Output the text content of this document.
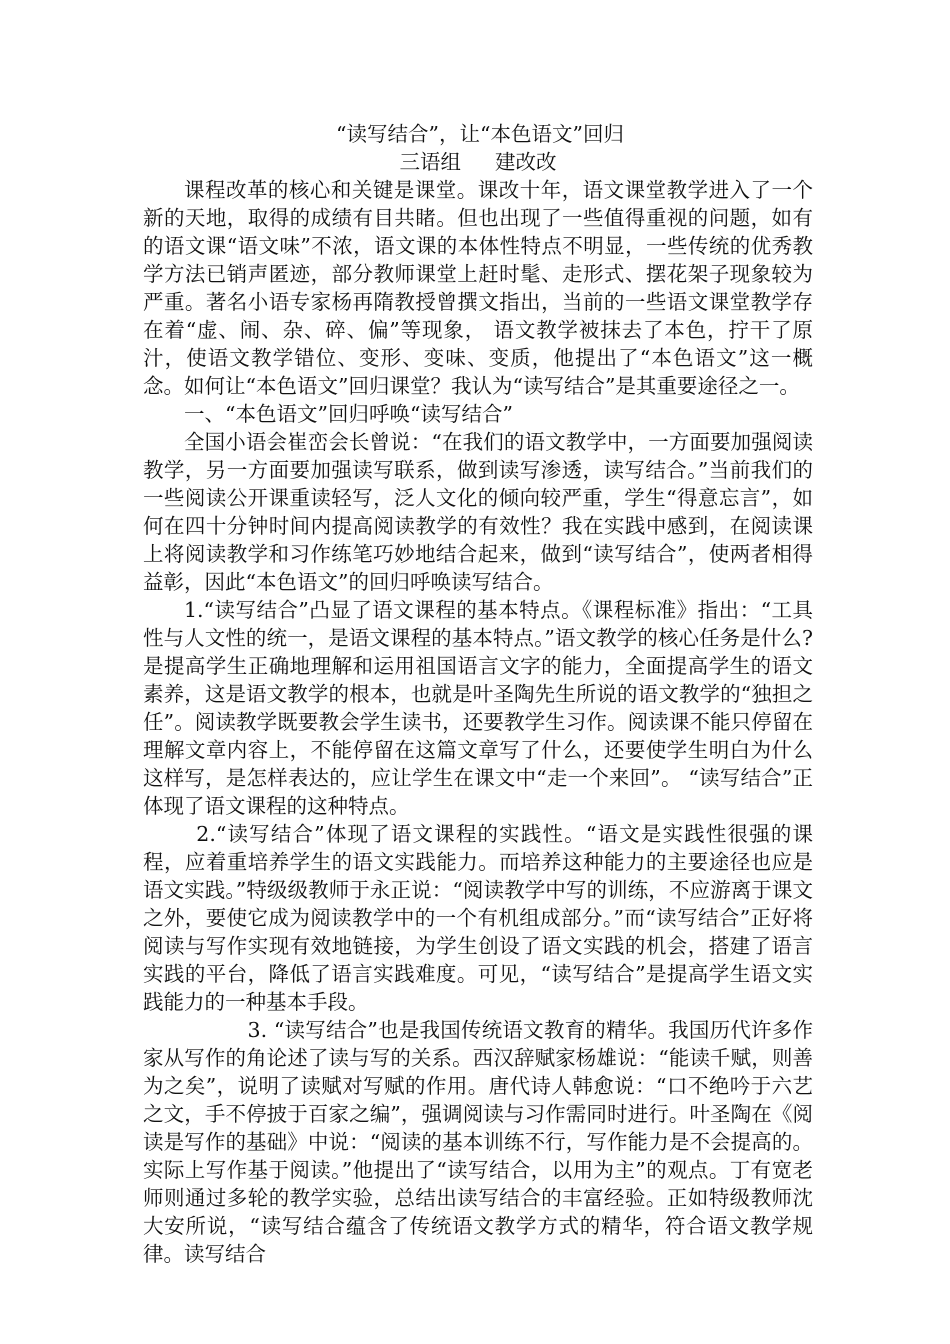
“读写结合”，让“本色语文”回归
三语组 建改改

课程改革的核心和关键是课堂。课改十年，语文课堂教学进入了一个新的天地，取得的成绩有目共睹。但也出现了一些值得重视的问题，如有的语文课“语文味”不浓，语文课的本体性特点不明显，一些传统的优秀教学方法已销声匿迹，部分教师课堂上赶时髦、走形式、摆花架子现象较为严重。著名小语专家杨再隋教授曾撰文指出，当前的一些语文课堂教学存在着“虚、闹、杂、碎、偏”等现象， 语文教学被抹去了本色，拧干了原汁，使语文教学错位、变形、变味、变质，他提出了“本色语文”这一概念。如何让“本色语文”回归课堂？我认为“读写结合”是其重要途径之一。

一、“本色语文”回归呼唤“读写结合”

全国小语会崔峦会长曾说：“在我们的语文教学中，一方面要加强阅读教学，另一方面要加强读写联系，做到读写渗透，读写结合。”当前我们的一些阅读公开课重读轻写，泛人文化的倾向较严重，学生“得意忘言”，如何在四十分钟时间内提高阅读教学的有效性？我在实践中感到，在阅读课上将阅读教学和习作练笔巧妙地结合起来，做到“读写结合”，使两者相得益彰，因此“本色语文”的回归呼唤读写结合。

1.“读写结合”凸显了语文课程的基本特点。《课程标准》指出：“工具性与人文性的统一，是语文课程的基本特点。”语文教学的核心任务是什么?是提高学生正确地理解和运用祖国语言文字的能力，全面提高学生的语文素养，这是语文教学的根本，也就是叶圣陶先生所说的语文教学的“独担之任”。阅读教学既要教会学生读书，还要教学生习作。阅读课不能只停留在理解文章内容上，不能停留在这篇文章写了什么，还要使学生明白为什么这样写，是怎样表达的，应让学生在课文中“走一个来回”。 “读写结合”正体现了语文课程的这种特点。

2.“读写结合”体现了语文课程的实践性。“语文是实践性很强的课程，应着重培养学生的语文实践能力。而培养这种能力的主要途径也应是语文实践。”特级级教师于永正说：“阅读教学中写的训练，不应游离于课文之外，要使它成为阅读教学中的一个有机组成部分。”而“读写结合”正好将阅读与写作实现有效地链接，为学生创设了语文实践的机会，搭建了语言实践的平台，降低了语言实践难度。可见，“读写结合”是提高学生语文实践能力的一种基本手段。

3. “读写结合”也是我国传统语文教育的精华。我国历代许多作家从写作的角论述了读与写的关系。西汉辞赋家杨雄说：“能读千赋，则善为之矣”，说明了读赋对写赋的作用。唐代诗人韩愈说：“口不绝吟于六艺之文，手不停披于百家之编”，强调阅读与习作需同时进行。叶圣陶在《阅读是写作的基础》中说：“阅读的基本训练不行，写作能力是不会提高的。实际上写作基于阅读。”他提出了“读写结合，以用为主”的观点。丁有宽老师则通过多轮的教学实验，总结出读写结合的丰富经验。正如特级教师沈大安所说，“读写结合蕴含了传统语文教学方式的精华，符合语文教学规律。读写结合
